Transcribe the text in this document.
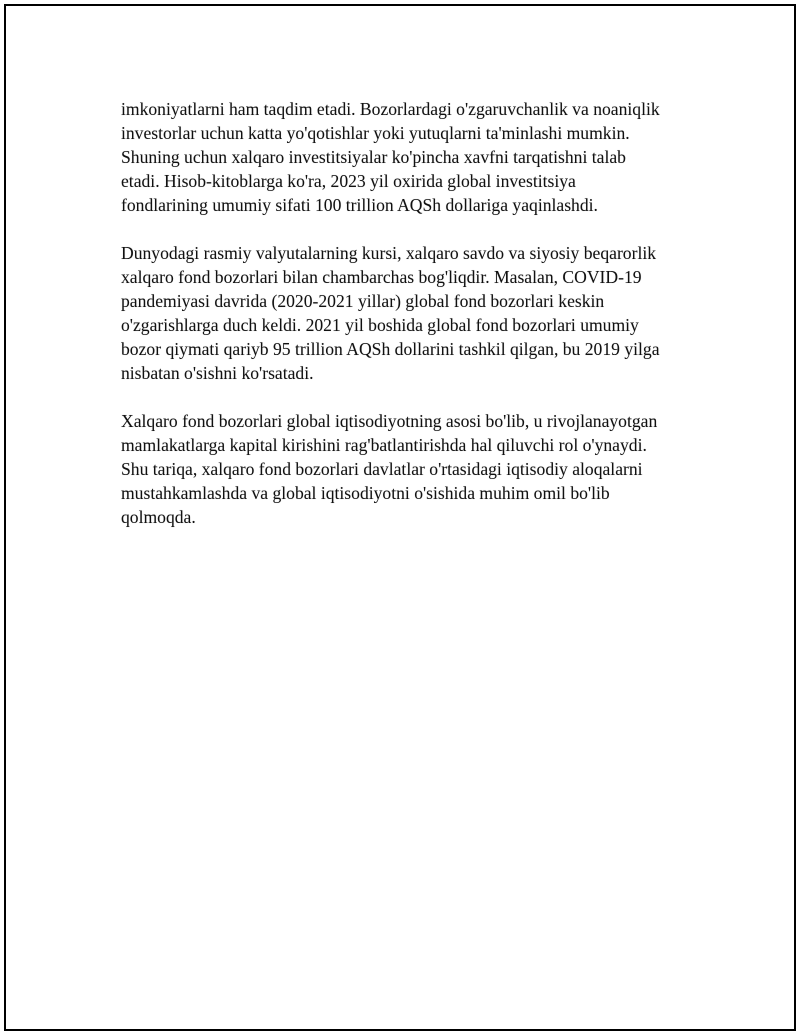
imkoniyatlarni ham taqdim etadi. Bozorlardagi o'zgaruvchanlik va noaniqlik
investorlar uchun katta yo'qotishlar yoki yutuqlarni ta'minlashi mumkin.
Shuning uchun xalqaro investitsiyalar ko'pincha xavfni tarqatishni talab
etadi. Hisob-kitoblarga ko'ra, 2023 yil oxirida global investitsiya
fondlarining umumiy sifati 100 trillion AQSh dollariga yaqinlashdi.

Dunyodagi rasmiy valyutalarning kursi, xalqaro savdo va siyosiy beqarorlik
xalqaro fond bozorlari bilan chambarchas bog'liqdir. Masalan, COVID-19
pandemiyasi davrida (2020-2021 yillar) global fond bozorlari keskin
o'zgarishlarga duch keldi. 2021 yil boshida global fond bozorlari umumiy
bozor qiymati qariyb 95 trillion AQSh dollarini tashkil qilgan, bu 2019 yilga
nisbatan o'sishni ko'rsatadi.

Xalqaro fond bozorlari global iqtisodiyotning asosi bo'lib, u rivojlanayotgan
mamlakatlarga kapital kirishini rag'batlantirishda hal qiluvchi rol o'ynaydi.
Shu tariqa, xalqaro fond bozorlari davlatlar o'rtasidagi iqtisodiy aloqalarni
mustahkamlashda va global iqtisodiyotni o'sishida muhim omil bo'lib
qolmoqda.
